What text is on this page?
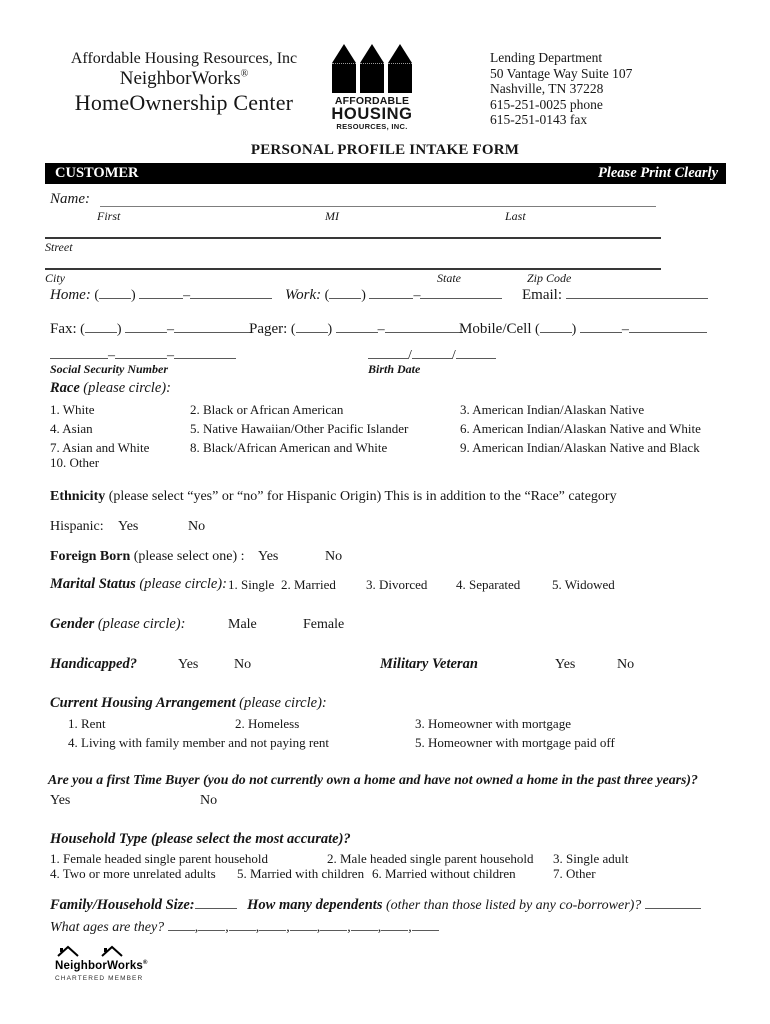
Affordable Housing Resources, Inc
NeighborWorks®
HomeOwnership Center	AFFORDABLE
HOUSING
RESOURCES, INC.
Lending Department
50 Vantage Way Suite 107
Nashville, TN 37228
615-251-0025 phone
615-251-0143 fax
PERSONAL PROFILE INTAKE FORM
CUSTOMER	Please Print Clearly
Name:
First	MI	Last
Street
City	State	Zip Code
Home: ( )	–	Work: ( )	–	Email:
Fax: ( )	–	Pager: ( )	–	Mobile/Cell ( )	–
–	–
Social Security Number
/	/
Birth Date
Race (please circle):
1. White	2. Black or African American	3. American Indian/Alaskan Native
4. Asian	5. Native Hawaiian/Other Pacific Islander	6. American Indian/Alaskan Native and White
7. Asian and White	8. Black/African American and White	9. American Indian/Alaskan Native and Black
10. Other
Ethnicity (please select “yes” or “no” for Hispanic Origin) This is in addition to the “Race” category
Hispanic: Yes	No
Foreign Born (please select one) : Yes	No
Marital Status (please circle): 1. Single 2. Married 3. Divorced 4. Separated 5. Widowed
Gender (please circle):	Male	Female
Handicapped?	Yes	No	Military Veteran	Yes	No
Current Housing Arrangement (please circle):
1. Rent	2. Homeless	3. Homeowner with mortgage
4. Living with family member and not paying rent	5. Homeowner with mortgage paid off
Are you a first Time Buyer (you do not currently own a home and have not owned a home in the past three years)?
Yes	No
Household Type (please select the most accurate)?
1. Female headed single parent household	2. Male headed single parent household 3. Single adult
4. Two or more unrelated adults 5. Married with children 6. Married without children	7. Other
Family/Household Size:	How many dependents (other than those listed by any co-borrower)?
What ages are they? , , , , , , , ,
NeighborWorks®
CHARTERED MEMBER
